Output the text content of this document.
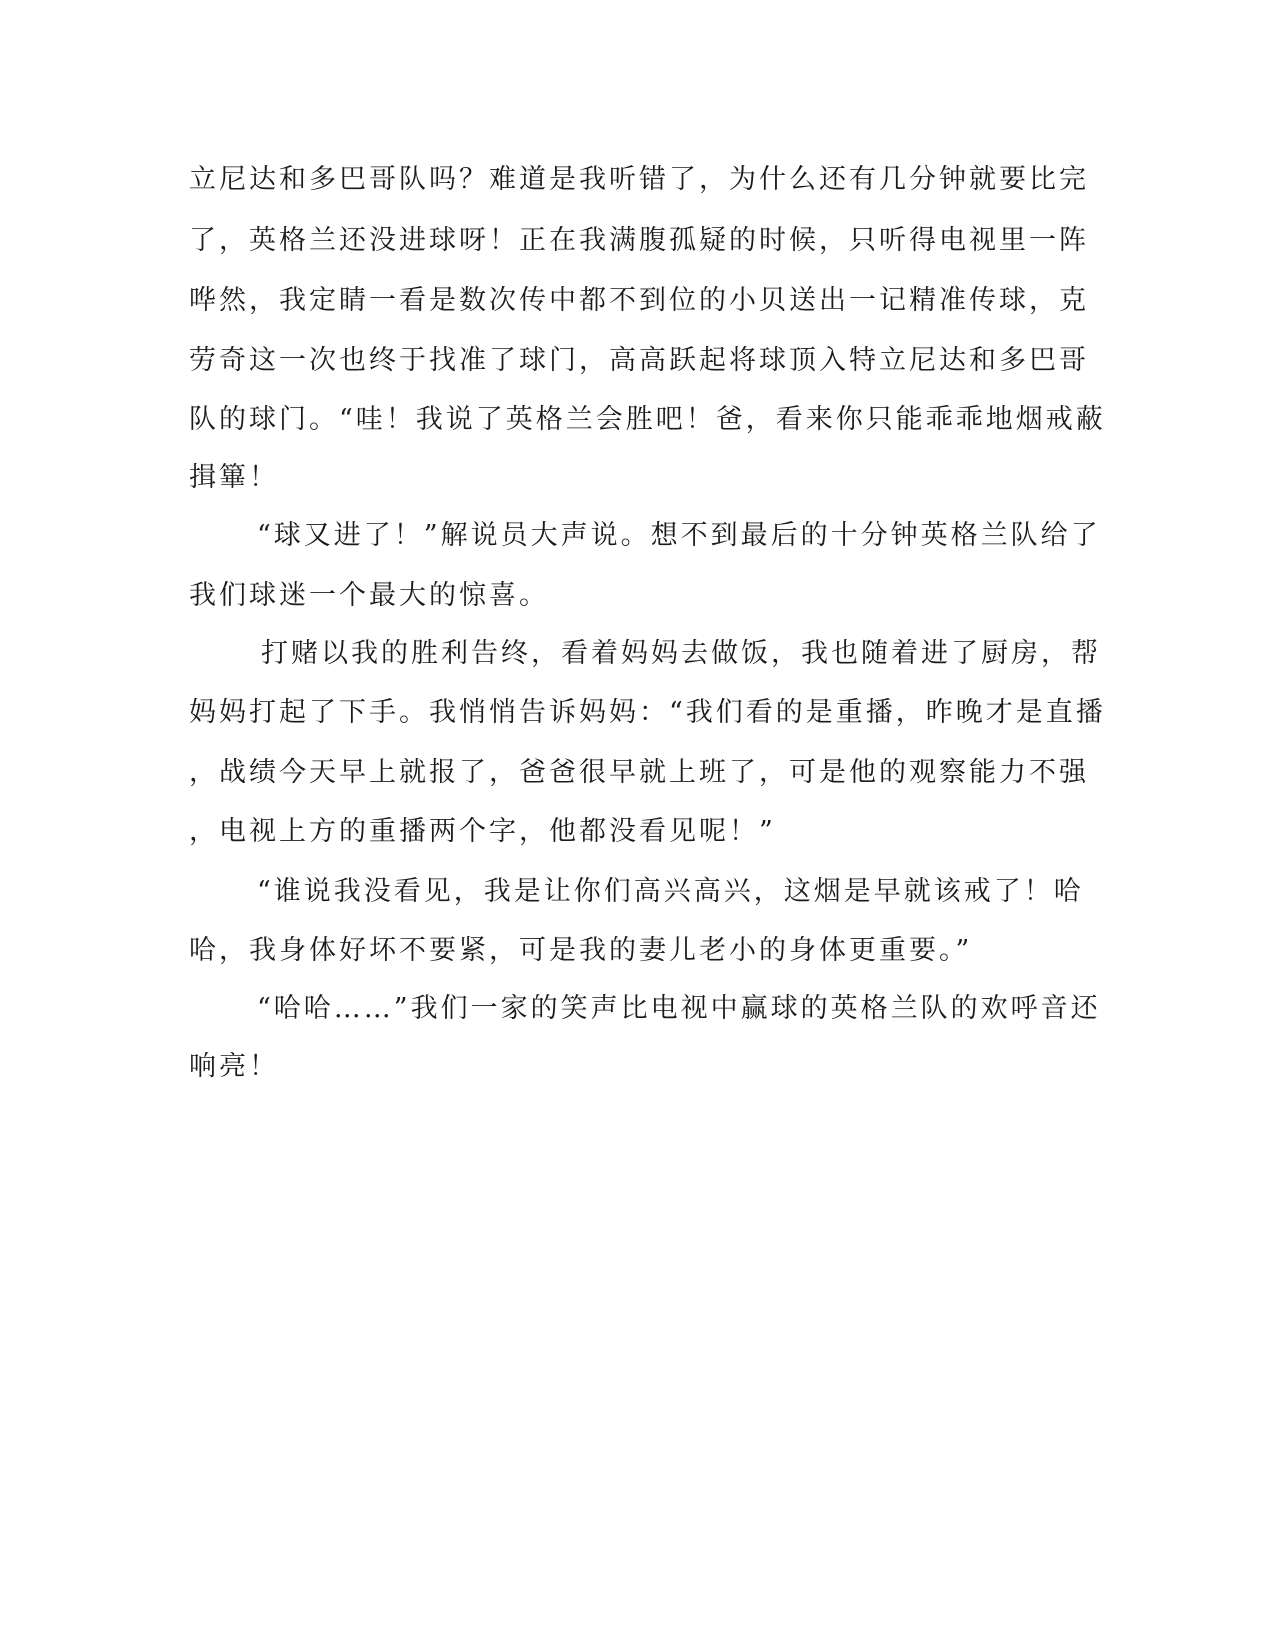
立尼达和多巴哥队吗？难道是我听错了，为什么还有几分钟就要比完
了，英格兰还没进球呀！正在我满腹孤疑的时候，只听得电视里一阵
哗然，我定睛一看是数次传中都不到位的小贝送出一记精准传球，克
劳奇这一次也终于找准了球门，高高跃起将球顶入特立尼达和多巴哥
队的球门。“哇！我说了英格兰会胜吧！爸，看来你只能乖乖地烟戒蔽
揖篳！
“球又进了！”解说员大声说。想不到最后的十分钟英格兰队给了
我们球迷一个最大的惊喜。
打赌以我的胜利告终，看着妈妈去做饭，我也随着进了厨房，帮
妈妈打起了下手。我悄悄告诉妈妈：“我们看的是重播，昨晚才是直播
，战绩今天早上就报了，爸爸很早就上班了，可是他的观察能力不强
，电视上方的重播两个字，他都没看见呢！”
“谁说我没看见，我是让你们高兴高兴，这烟是早就该戒了！哈
哈，我身体好坏不要紧，可是我的妻儿老小的身体更重要。”
“哈哈……”我们一家的笑声比电视中赢球的英格兰队的欢呼音还
响亮！
